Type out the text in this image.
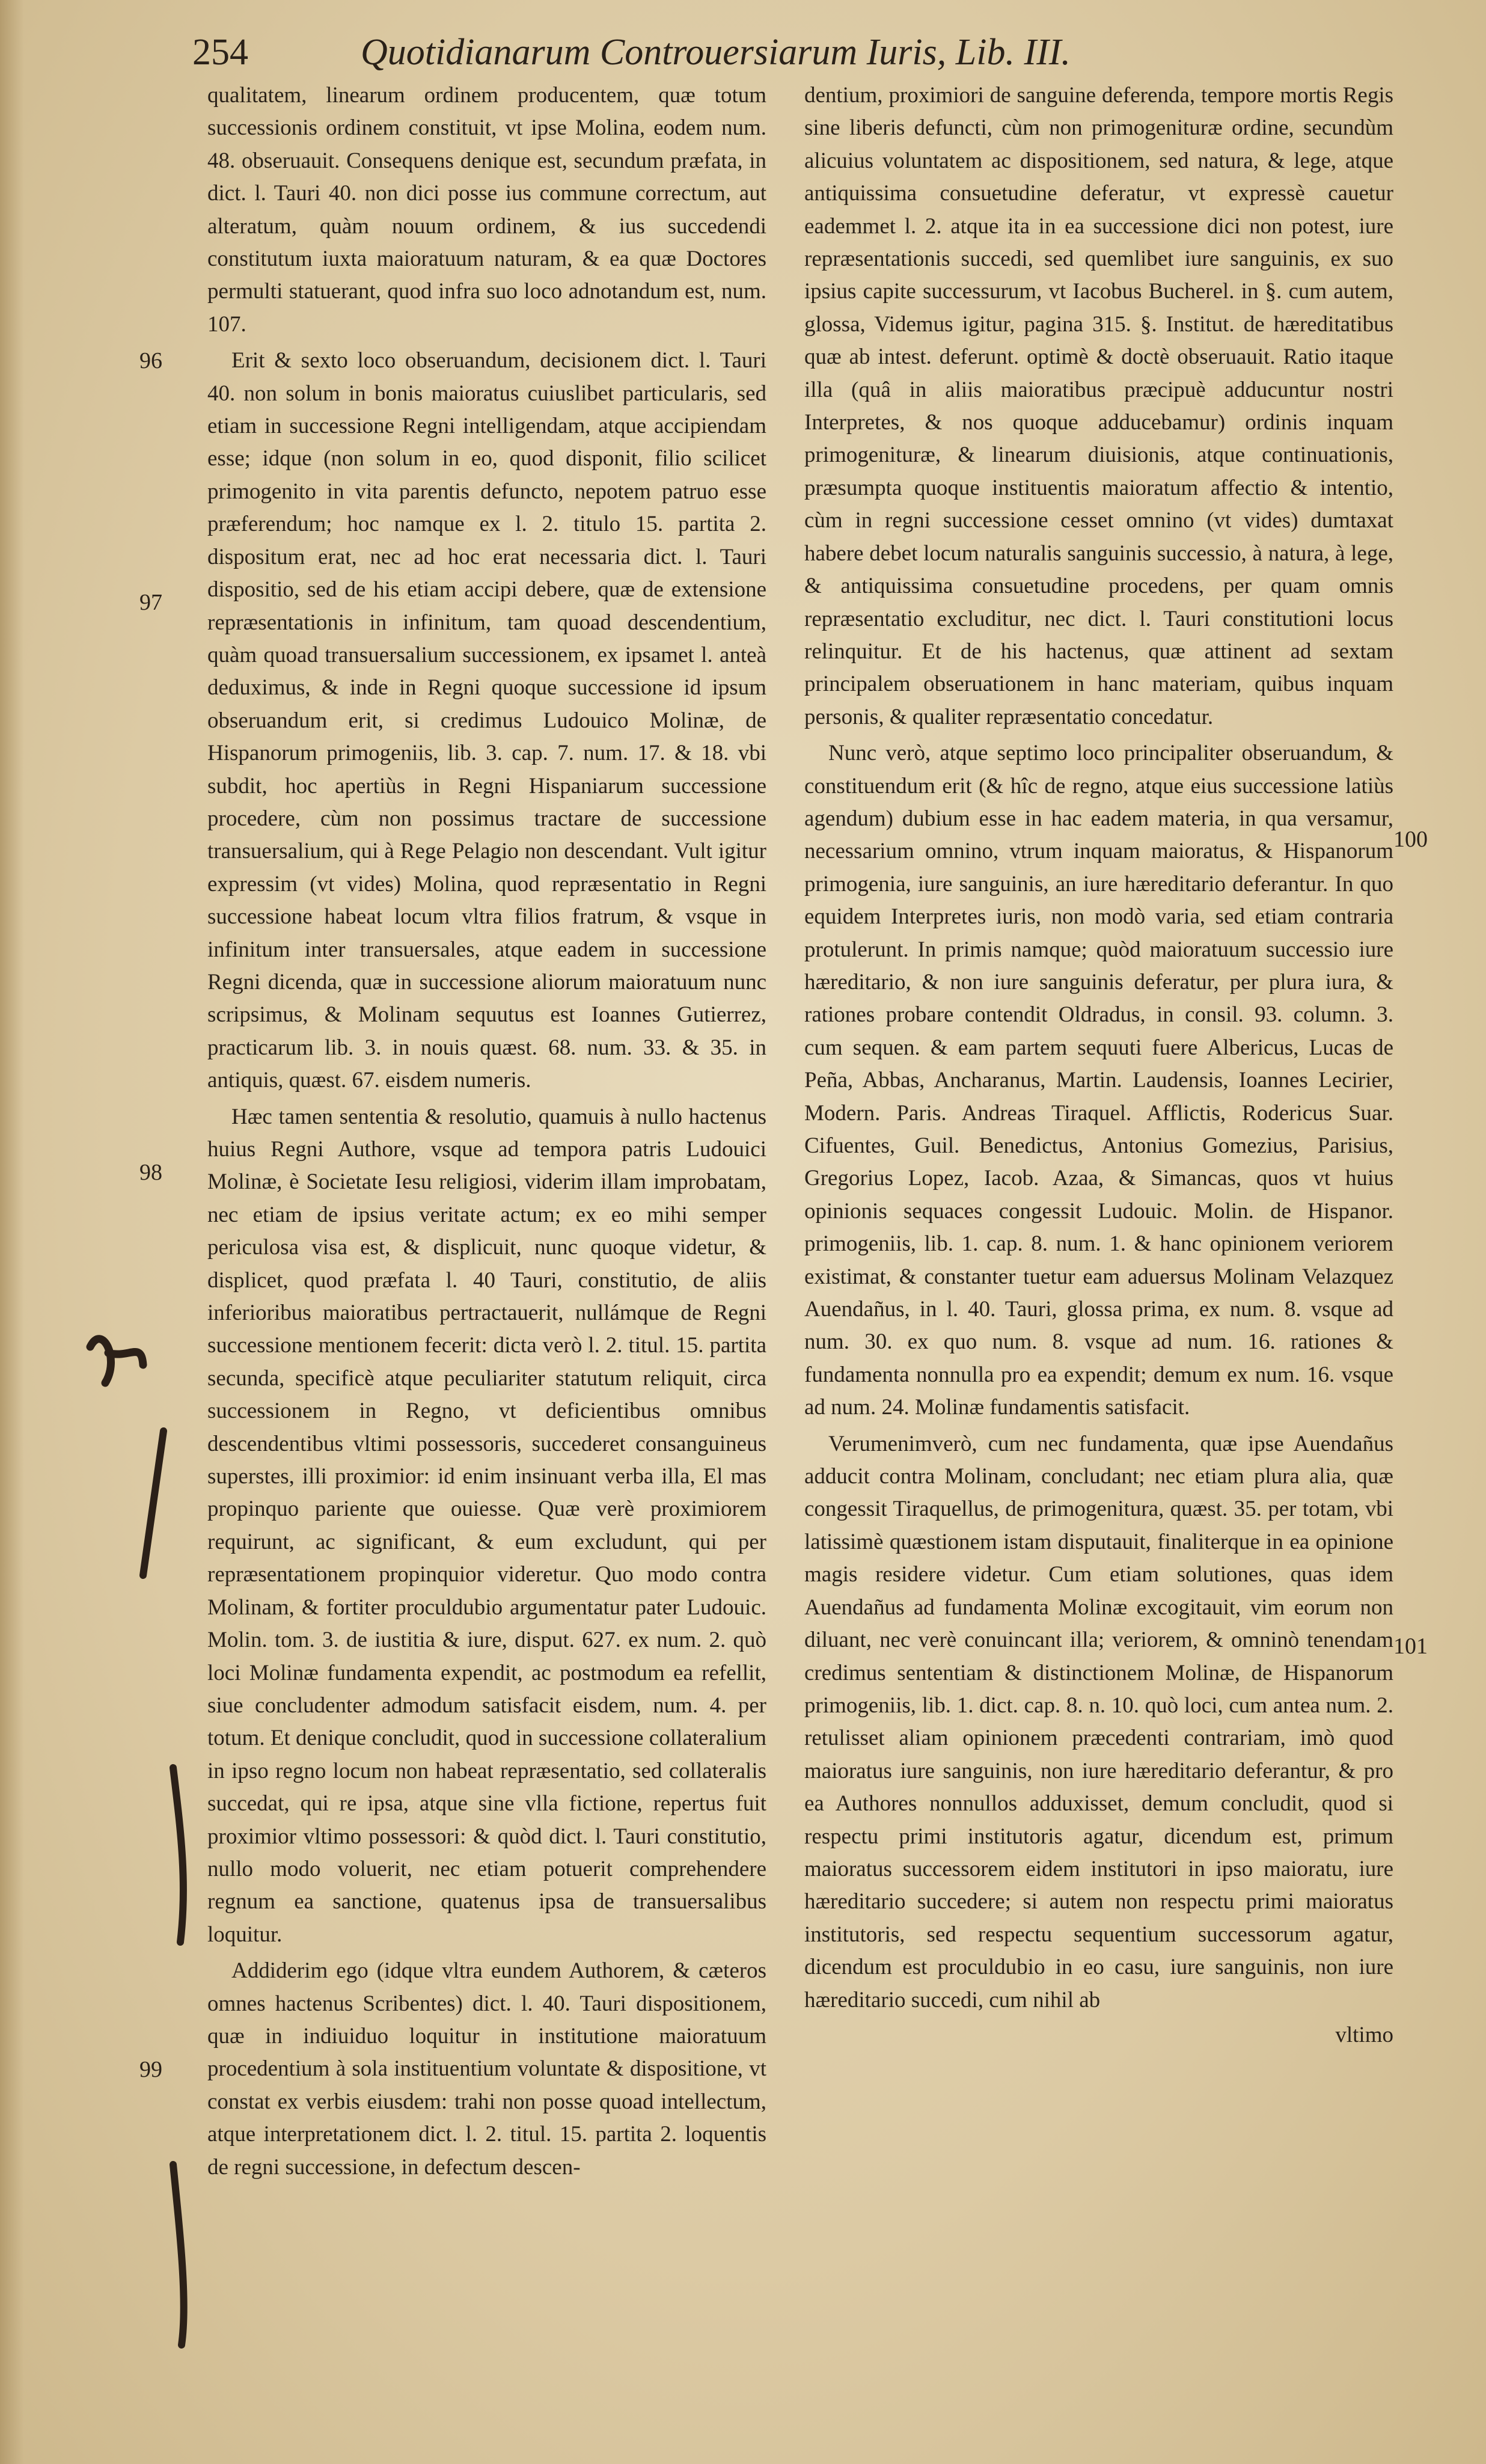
254	Quotidianarum Controuersiarum Iuris, Lib. III.
96
97
98
99
100
101

qualitatem, linearum ordinem producentem, quæ totum successionis ordinem constituit, vt ipse Molina, eodem num. 48. obseruauit. Consequens denique est, secundum præfata, in dict. l. Tauri 40. non dici posse ius commune correctum, aut alteratum, quàm nouum ordinem, & ius succedendi constitutum iuxta maioratuum naturam, & ea quæ Doctores permulti statuerant, quod infra suo loco adnotandum est, num. 107.

Erit & sexto loco obseruandum, decisionem dict. l. Tauri 40. non solum in bonis maioratus cuiuslibet particularis, sed etiam in successione Regni intelligendam, atque accipiendam esse; idque (non solum in eo, quod disponit, filio scilicet primogenito in vita parentis defuncto, nepotem patruo esse præferendum; hoc namque ex l. 2. titulo 15. partita 2. dispositum erat, nec ad hoc erat necessaria dict. l. Tauri dispositio, sed de his etiam accipi debere, quæ de extensione repræsentationis in infinitum, tam quoad descendentium, quàm quoad transuersalium successionem, ex ipsamet l. anteà deduximus, & inde in Regni quoque successione id ipsum obseruandum erit, si credimus Ludouico Molinæ, de Hispanorum primogeniis, lib. 3. cap. 7. num. 17. & 18. vbi subdit, hoc apertiùs in Regni Hispaniarum successione procedere, cùm non possimus tractare de successione transuersalium, qui à Rege Pelagio non descendant. Vult igitur expressim (vt vides) Molina, quod repræsentatio in Regni successione habeat locum vltra filios fratrum, & vsque in infinitum inter transuersales, atque eadem in successione Regni dicenda, quæ in successione aliorum maioratuum nunc scripsimus, & Molinam sequutus est Ioannes Gutierrez, practicarum lib. 3. in nouis quæst. 68. num. 33. & 35. in antiquis, quæst. 67. eisdem numeris.

Hæc tamen sententia & resolutio, quamuis à nullo hactenus huius Regni Authore, vsque ad tempora patris Ludouici Molinæ, è Societate Iesu religiosi, viderim illam improbatam, nec etiam de ipsius veritate actum; ex eo mihi semper periculosa visa est, & displicuit, nunc quoque videtur, & displicet, quod præfata l. 40 Tauri, constitutio, de aliis inferioribus maioratibus pertractauerit, nullámque de Regni successione mentionem fecerit: dicta verò l. 2. titul. 15. partita secunda, specificè atque peculiariter statutum reliquit, circa successionem in Regno, vt deficientibus omnibus descendentibus vltimi possessoris, succederet consanguineus superstes, illi proximior: id enim insinuant verba illa, El mas propinquo pariente que ouiesse. Quæ verè proximiorem requirunt, ac significant, & eum excludunt, qui per repræsentationem propinquior videretur. Quo modo contra Molinam, & fortiter proculdubio argumentatur pater Ludouic. Molin. tom. 3. de iustitia & iure, disput. 627. ex num. 2. quò loci Molinæ fundamenta expendit, ac postmodum ea refellit, siue concludenter admodum satisfacit eisdem, num. 4. per totum. Et denique concludit, quod in successione collateralium in ipso regno locum non habeat repræsentatio, sed collateralis succedat, qui re ipsa, atque sine vlla fictione, repertus fuit proximior vltimo possessori: & quòd dict. l. Tauri constitutio, nullo modo voluerit, nec etiam potuerit comprehendere regnum ea sanctione, quatenus ipsa de transuersalibus loquitur.

Addiderim ego (idque vltra eundem Authorem, & cæteros omnes hactenus Scribentes) dict. l. 40. Tauri dispositionem, quæ in indiuiduo loquitur in institutione maioratuum procedentium à sola instituentium voluntate & dispositione, vt constat ex verbis eiusdem: trahi non posse quoad intellectum, atque interpretationem dict. l. 2. titul. 15. partita 2. loquentis de regni successione, in defectum descen-

dentium, proximiori de sanguine deferenda, tempore mortis Regis sine liberis defuncti, cùm non primogenituræ ordine, secundùm alicuius voluntatem ac dispositionem, sed natura, & lege, atque antiquissima consuetudine deferatur, vt expressè cauetur eademmet l. 2. atque ita in ea successione dici non potest, iure repræsentationis succedi, sed quemlibet iure sanguinis, ex suo ipsius capite successurum, vt Iacobus Bucherel. in §. cum autem, glossa, Videmus igitur, pagina 315. §. Institut. de hæreditatibus quæ ab intest. deferunt. optimè & doctè obseruauit. Ratio itaque illa (quâ in aliis maioratibus præcipuè adducuntur nostri Interpretes, & nos quoque adducebamur) ordinis inquam primogenituræ, & linearum diuisionis, atque continuationis, præsumpta quoque instituentis maioratum affectio & intentio, cùm in regni successione cesset omnino (vt vides) dumtaxat habere debet locum naturalis sanguinis successio, à natura, à lege, & antiquissima consuetudine procedens, per quam omnis repræsentatio excluditur, nec dict. l. Tauri constitutioni locus relinquitur. Et de his hactenus, quæ attinent ad sextam principalem obseruationem in hanc materiam, quibus inquam personis, & qualiter repræsentatio concedatur.

Nunc verò, atque septimo loco principaliter obseruandum, & constituendum erit (& hîc de regno, atque eius successione latiùs agendum) dubium esse in hac eadem materia, in qua versamur, necessarium omnino, vtrum inquam maioratus, & Hispanorum primogenia, iure sanguinis, an iure hæreditario deferantur. In quo equidem Interpretes iuris, non modò varia, sed etiam contraria protulerunt. In primis namque; quòd maioratuum successio iure hæreditario, & non iure sanguinis deferatur, per plura iura, & rationes probare contendit Oldradus, in consil. 93. column. 3. cum sequen. & eam partem sequuti fuere Albericus, Lucas de Peña, Abbas, Ancharanus, Martin. Laudensis, Ioannes Lecirier, Modern. Paris. Andreas Tiraquel. Afflictis, Rodericus Suar. Cifuentes, Guil. Benedictus, Antonius Gomezius, Parisius, Gregorius Lopez, Iacob. Azaa, & Simancas, quos vt huius opinionis sequaces congessit Ludouic. Molin. de Hispanor. primogeniis, lib. 1. cap. 8. num. 1. & hanc opinionem veriorem existimat, & constanter tuetur eam aduersus Molinam Velazquez Auendañus, in l. 40. Tauri, glossa prima, ex num. 8. vsque ad num. 30. ex quo num. 8. vsque ad num. 16. rationes & fundamenta nonnulla pro ea expendit; demum ex num. 16. vsque ad num. 24. Molinæ fundamentis satisfacit.

Verumenimverò, cum nec fundamenta, quæ ipse Auendañus adducit contra Molinam, concludant; nec etiam plura alia, quæ congessit Tiraquellus, de primogenitura, quæst. 35. per totam, vbi latissimè quæstionem istam disputauit, finaliterque in ea opinione magis residere videtur. Cum etiam solutiones, quas idem Auendañus ad fundamenta Molinæ excogitauit, vim eorum non diluant, nec verè conuincant illa; veriorem, & omninò tenendam credimus sententiam & distinctionem Molinæ, de Hispanorum primogeniis, lib. 1. dict. cap. 8. n. 10. quò loci, cum antea num. 2. retulisset aliam opinionem præcedenti contrariam, imò quod maioratus iure sanguinis, non iure hæreditario deferantur, & pro ea Authores nonnullos adduxisset, demum concludit, quod si respectu primi institutoris agatur, dicendum est, primum maioratus successorem eidem institutori in ipso maioratu, iure hæreditario succedere; si autem non respectu primi maioratus institutoris, sed respectu sequentium successorum agatur, dicendum est proculdubio in eo casu, iure sanguinis, non iure hæreditario succedi, cum nihil ab

vltimo
